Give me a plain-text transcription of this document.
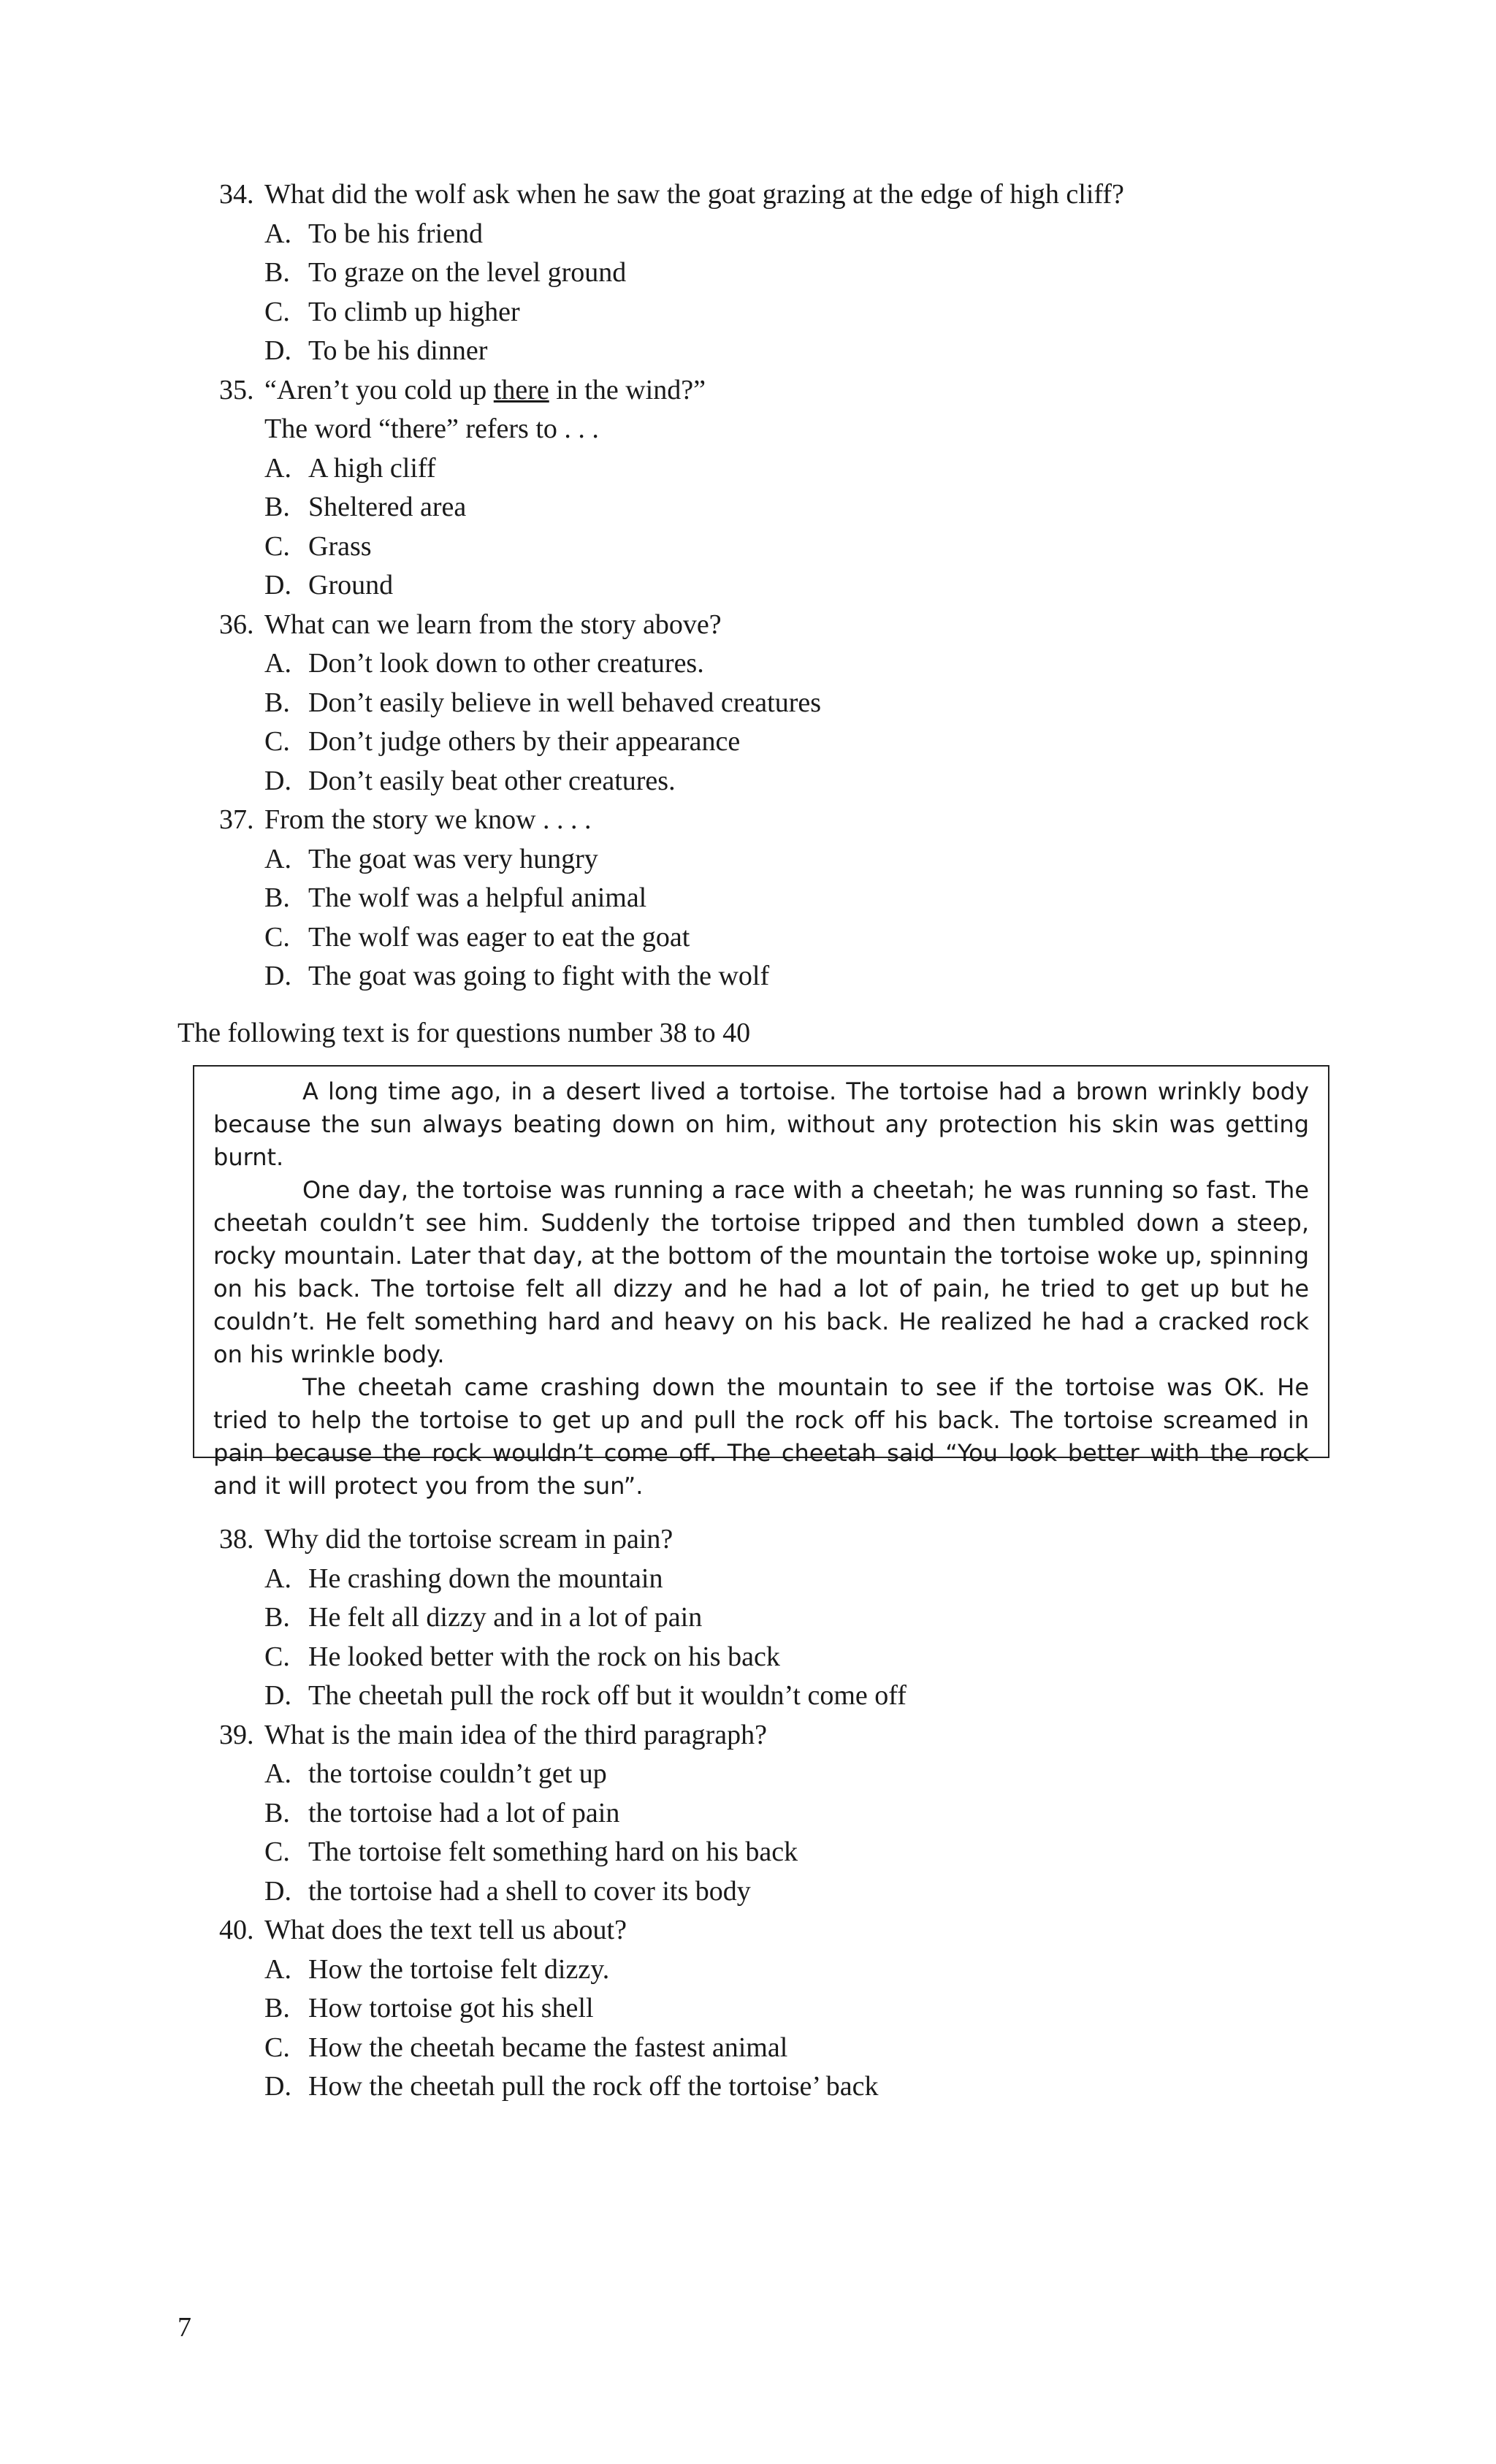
34. What did the wolf ask when he saw the goat grazing at the edge of high cliff?
A. To be his friend
B. To graze on the level ground
C. To climb up higher
D. To be his dinner
35. “Aren’t you cold up there in the wind?”
The word “there” refers to . . .
A. A high cliff
B. Sheltered area
C. Grass
D. Ground
36. What can we learn from the story above?
A. Don’t look down to other creatures.
B. Don’t easily believe in well behaved creatures
C. Don’t judge others by their appearance
D. Don’t easily beat other creatures.
37. From the story we know . . . .
A. The goat was very hungry
B. The wolf was a helpful animal
C. The wolf was eager to eat the goat
D. The goat was going to fight with the wolf
The following text is for questions number 38 to 40

A long time ago, in a desert lived a tortoise. The tortoise had a brown wrinkly body because the sun always beating down on him, without any protection his skin was getting burnt.

One day, the tortoise was running a race with a cheetah; he was running so fast. The cheetah couldn’t see him. Suddenly the tortoise tripped and then tumbled down a steep, rocky mountain. Later that day, at the bottom of the mountain the tortoise woke up, spinning on his back. The tortoise felt all dizzy and he had a lot of pain, he tried to get up but he couldn’t. He felt something hard and heavy on his back. He realized he had a cracked rock on his wrinkle body.

The cheetah came crashing down the mountain to see if the tortoise was OK. He tried to help the tortoise to get up and pull the rock off his back. The tortoise screamed in pain because the rock wouldn’t come off. The cheetah said “You look better with the rock and it will protect you from the sun”.

38. Why did the tortoise scream in pain?
A. He crashing down the mountain
B. He felt all dizzy and in a lot of pain
C. He looked better with the rock on his back
D. The cheetah pull the rock off but it wouldn’t come off
39. What is the main idea of the third paragraph?
A. the tortoise couldn’t get up
B. the tortoise had a lot of pain
C. The tortoise felt something hard on his back
D. the tortoise had a shell to cover its body
40. What does the text tell us about?
A. How the tortoise felt dizzy.
B. How tortoise got his shell
C. How the cheetah became the fastest animal
D. How the cheetah pull the rock off the tortoise’ back
7
